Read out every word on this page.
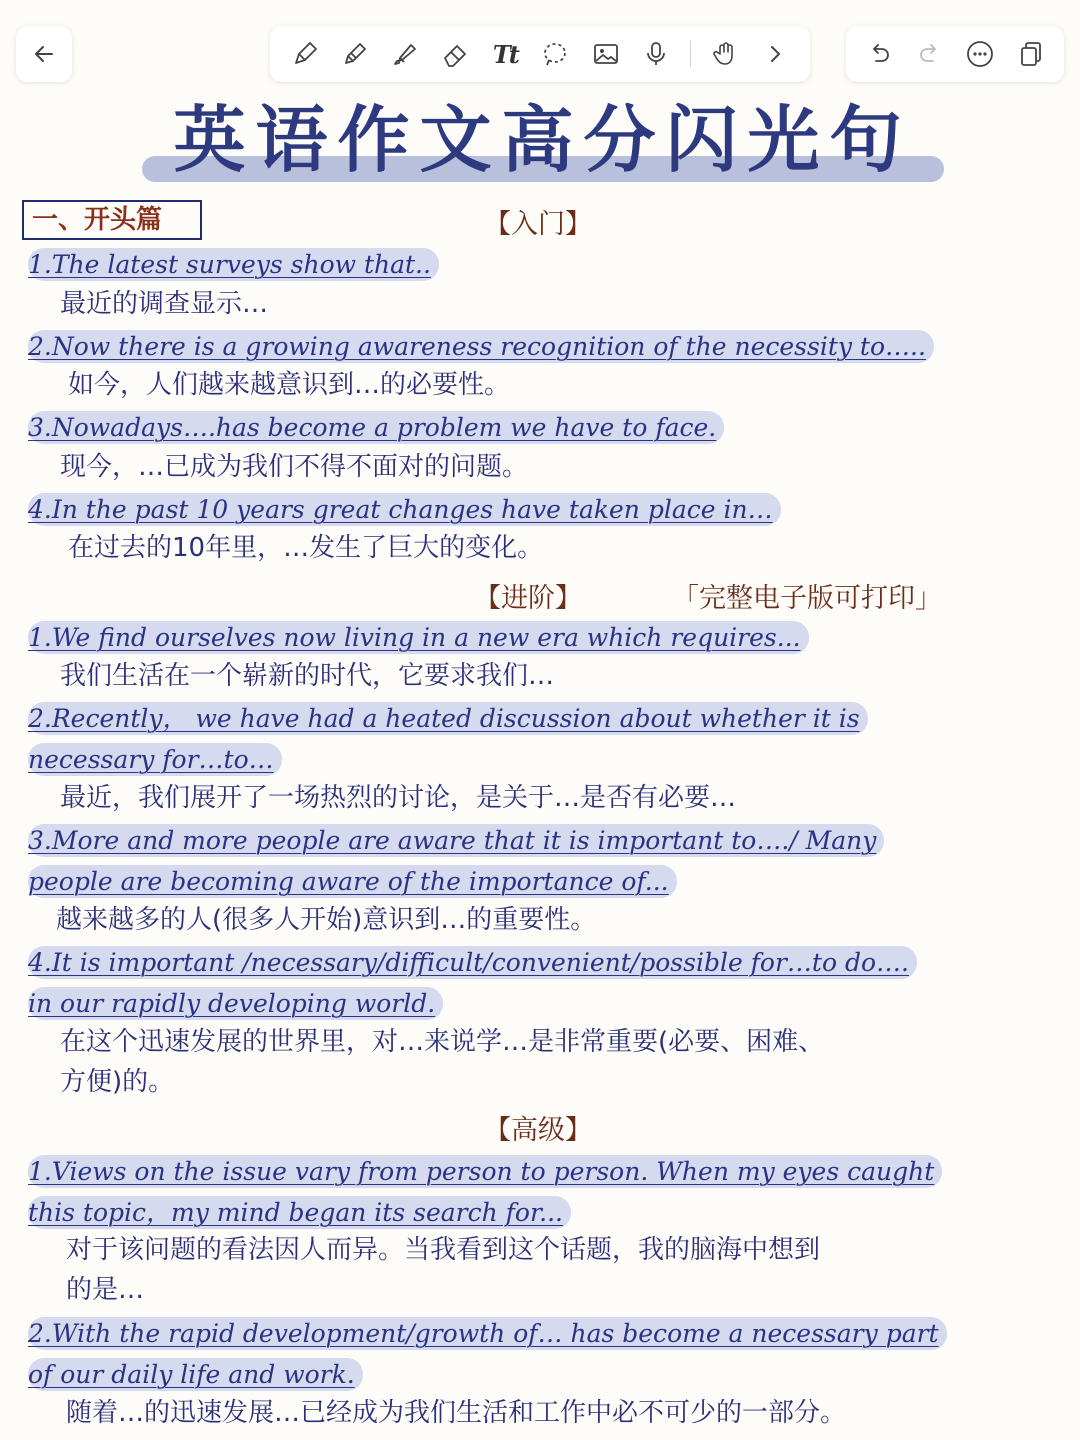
Tt
英语作文高分闪光句
一、开头篇	【入门】
【进阶】	「完整电子版可打印」
【高级】
1.The latest surveys show that..
最近的调查显示…
2.Now there is a growing awareness recognition of the necessity to…..
如今，人们越来越意识到…的必要性。
3.Nowadays….has become a problem we have to face.
现今，…已成为我们不得不面对的问题。
4.In the past 10 years great changes have taken place in…
在过去的10年里，…发生了巨大的变化。
1.We find ourselves now living in a new era which requires...
我们生活在一个崭新的时代，它要求我们…
2.Recently， we have had a heated discussion about whether it is
necessary for…to…
最近，我们展开了一场热烈的讨论，是关于…是否有必要…
3.More and more people are aware that it is important to…./ Many
people are becoming aware of the importance of...
越来越多的人(很多人开始)意识到…的重要性。
4.It is important /necessary/difficult/convenient/possible for…to do….
in our rapidly developing world.
在这个迅速发展的世界里，对…来说学…是非常重要(必要、困难、
方便)的。
1.Views on the issue vary from person to person. When my eyes caught
this topic，my mind began its search for...
对于该问题的看法因人而异。当我看到这个话题，我的脑海中想到
的是…
2.With the rapid development/growth of… has become a necessary part
of our daily life and work.
随着…的迅速发展…已经成为我们生活和工作中必不可少的一部分。
